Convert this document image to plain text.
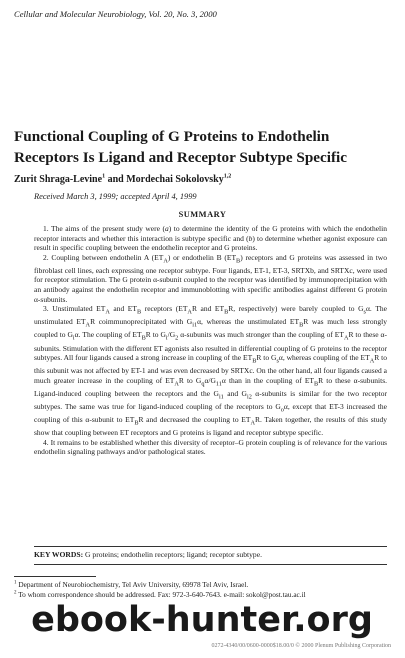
Cellular and Molecular Neurobiology, Vol. 20, No. 3, 2000
Functional Coupling of G Proteins to Endothelin Receptors Is Ligand and Receptor Subtype Specific
Zurit Shraga-Levine$^1$ and Mordechai Sokolovsky$^{1,2}$
Received March 3, 1999; accepted April 4, 1999
SUMMARY

1. The aims of the present study were (a) to determine the identity of the G proteins with which the endothelin receptor interacts and whether this interaction is subtype specific and (b) to determine whether agonist exposure can result in specific coupling between the endothelin receptor and G proteins.

2. Coupling between endothelin A $(ET_A)$ or endothelin B $(ET_B)$ receptors and G proteins was assessed in two fibroblast cell lines, each expressing one receptor subtype. Four ligands, ET-1, ET-3, SRTXb, and SRTXc, were used for receptor stimulation. The G protein α-subunit coupled to the receptor was identified by immunoprecipitation with an antibody against the endothelin receptor and immunoblotting with specific antibodies against different G protein α-subunits.

3. Unstimulated $ET_A$ and $ET_B$ receptors ($ET_AR$ and $ET_BR$, respectively) were barely coupled to $G_s\alpha$. The unstimulated $ET_AR$ coimmunoprecipitated with $G_{i1}\alpha$, whereas the unstimulated $ET_BR$ was much less strongly coupled to $G_i\alpha$. The coupling of $ET_BR$ to $G_i/G_2$ α-subunits was much stronger than the coupling of $ET_AR$ to these α-subunits. Stimulation with the different ET agonists also resulted in differential coupling of G proteins to the receptor subtypes. All four ligands caused a strong increase in coupling of the $ET_BR$ to $G_s\alpha$, whereas coupling of the $ET_AR$ to this subunit was not affected by ET-1 and was even decreased by SRTXc. On the other hand, all four ligands caused a much greater increase in the coupling of $ET_AR$ to $G_q\alpha/G_{11}\alpha$ than in the coupling of $ET_BR$ to these α-subunits. Ligand-induced coupling between the receptors and the $G_{i1}$ and $G_{i2}$ α-subunits is similar for the two receptor subtypes. The same was true for ligand-induced coupling of the receptors to $G_o\alpha$, except that ET-3 increased the coupling of this α-subunit to $ET_BR$ and decreased the coupling to $ET_AR$. Taken together, the results of this study show that coupling between ET receptors and G proteins is ligand and receptor subtype specific.

4. It remains to be established whether this diversity of receptor–G protein coupling is of relevance for the various endothelin signaling pathways and/or pathological states.

KEY WORDS: G proteins; endothelin receptors; ligand; receptor subtype.
$^1$ Department of Neurobiochemistry, Tel Aviv University, 69978 Tel Aviv, Israel.
$^2$ To whom correspondence should be addressed. Fax: 972-3-640-7643. e-mail: sokol@post.tau.ac.il
ebook-hunter.org
0272-4340/00/0600-0000$18.00/0 © 2000 Plenum Publishing Corporation
